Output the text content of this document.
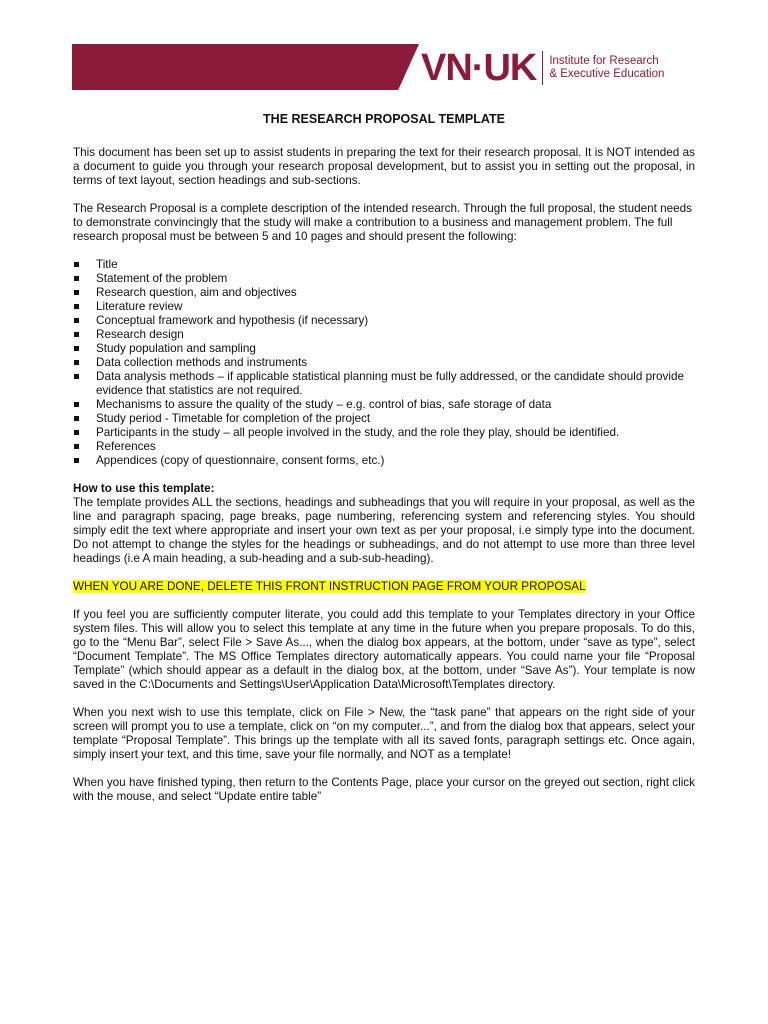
VN·UK Institute for Research
& Executive Education
THE RESEARCH PROPOSAL TEMPLATE

This document has been set up to assist students in preparing the text for their research proposal. It is NOT intended as a document to guide you through your research proposal development, but to assist you in setting out the proposal, in terms of text layout, section headings and sub-sections.

The Research Proposal is a complete description of the intended research. Through the full proposal, the student needs to demonstrate convincingly that the study will make a contribution to a business and management problem. The full research proposal must be between 5 and 10 pages and should present the following:

Title
Statement of the problem
Research question, aim and objectives
Literature review
Conceptual framework and hypothesis (if necessary)
Research design
Study population and sampling
Data collection methods and instruments
Data analysis methods – if applicable statistical planning must be fully addressed, or the candidate should provide evidence that statistics are not required.
Mechanisms to assure the quality of the study – e.g. control of bias, safe storage of data
Study period - Timetable for completion of the project
Participants in the study – all people involved in the study, and the role they play, should be identified.
References
Appendices (copy of questionnaire, consent forms, etc.)
How to use this template:

The template provides ALL the sections, headings and subheadings that you will require in your proposal, as well as the line and paragraph spacing, page breaks, page numbering, referencing system and referencing styles. You should simply edit the text where appropriate and insert your own text as per your proposal, i.e simply type into the document. Do not attempt to change the styles for the headings or subheadings, and do not attempt to use more than three level headings (i.e A main heading, a sub-heading and a sub-sub-heading).

WHEN YOU ARE DONE, DELETE THIS FRONT INSTRUCTION PAGE FROM YOUR PROPOSAL

If you feel you are sufficiently computer literate, you could add this template to your Templates directory in your Office system files. This will allow you to select this template at any time in the future when you prepare proposals. To do this, go to the “Menu Bar”, select File > Save As..., when the dialog box appears, at the bottom, under “save as type”, select “Document Template”. The MS Office Templates directory automatically appears. You could name your file “Proposal Template” (which should appear as a default in the dialog box, at the bottom, under “Save As”). Your template is now saved in the C:\Documents and Settings\User\Application Data\Microsoft\Templates directory.

When you next wish to use this template, click on File > New, the “task pane” that appears on the right side of your screen will prompt you to use a template, click on “on my computer...”, and from the dialog box that appears, select your template “Proposal Template”. This brings up the template with all its saved fonts, paragraph settings etc. Once again, simply insert your text, and this time, save your file normally, and NOT as a template!

When you have finished typing, then return to the Contents Page, place your cursor on the greyed out section, right click with the mouse, and select “Update entire table”
